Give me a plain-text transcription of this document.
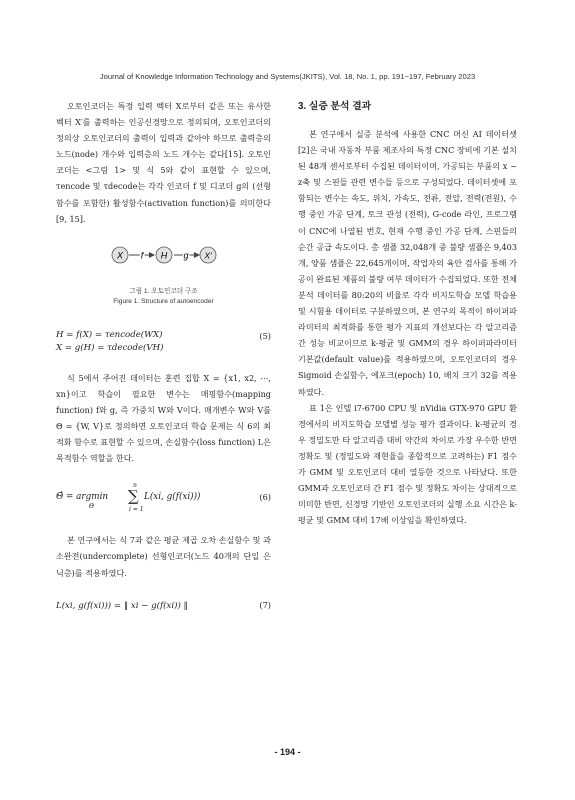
Journal of Knowledge Information Technology and Systems(JKITS), Vol. 18, No. 1, pp. 191~197, February 2023

오토인코더는 특정 입력 벡터 X로부터 같은 또는 유사한 벡터 X′를 출력하는 인공신경망으로 정의되며, 오토인코더의 정의상 오토인코더의 출력이 입력과 같아야 하므로 출력층의 노드(node) 개수와 입력층의 노드 개수는 같다[15]. 오토인코더는 <그림 1> 및 식 5와 같이 표현할 수 있으며, τencode 및 τdecode는 각각 인코더 f 및 디코더 g의 (선형 함수를 포함한) 활성함수(activation function)를 의미한다[9, 15].

X f H g X'
그림 1. 오토인코더 구조
Figure 1. Structure of autoencoder
H = f(X) = τencode(WX)
X = g(H) = τdecode(VH)
(5)

식 5에서 주어진 데이터는 훈련 집합 X = {x1, x2, ⋯, xn}이고 학습이 필요한 변수는 매핑함수(mapping function) f와 g, 즉 가중치 W와 V이다. 매개변수 W와 V를 Θ = {W, V}로 정의하면 오토인코더 학습 문제는 식 6의 최적화 함수로 표현할 수 있으며, 손실함수(loss function) L은 목적함수 역할을 한다.

Θ̂ = argmin
Θ
n
∑
i = 1
L(xi, g(f(xi)))	(6)

본 연구에서는 식 7과 같은 평균 제곱 오차 손실함수 및 과소완전(undercomplete) 선형인코더(노드 40개의 단일 은닉층)를 적용하였다.

L(xi, g(f(xi))) = ‖ xi − g(f(xi)) ‖	(7)
3. 실증 분석 결과

본 연구에서 실증 분석에 사용한 CNC 머신 AI 데이터셋[2]은 국내 자동차 부품 제조사의 특정 CNC 장비에 기본 설치된 48개 센서로부터 수집된 데이터이며, 가공되는 부품의 x ~ z축 및 스핀들 관련 변수들 등으로 구성되었다. 데이터셋에 포함되는 변수는 속도, 위치, 가속도, 전류, 전압, 전력(전원), 수행 중인 가공 단계, 토크 관성 (전력), G-code 라인, 프로그램이 CNC에 나열된 번호, 현재 수행 중인 가공 단계, 스핀들의 순간 공급 속도이다. 총 샘플 32,048개 중 불량 샘플은 9,403개, 양품 샘플은 22,645개이며, 작업자의 육안 검사를 통해 가공이 완료된 제품의 불량 여부 데이터가 수집되었다. 또한 전체 분석 데이터를 80:20의 비율로 각각 비지도학습 모델 학습용 및 시험용 데이터로 구분하였으며, 본 연구의 목적이 하이퍼파라미터의 최적화를 통한 평가 지표의 개선보다는 각 알고리즘 간 성능 비교이므로 k-평균 및 GMM의 경우 하이퍼파라미터 기본값(default value)를 적용하였으며, 오토인코더의 경우 Sigmoid 손실함수, 에포크(epoch) 10, 배치 크기 32를 적용하였다.

표 1은 인텔 i7-6700 CPU 및 nVidia GTX-970 GPU 환경에서의 비지도학습 모델별 성능 평가 결과이다. k-평균의 경우 정밀도만 타 알고리즘 대비 약간의 차이로 가장 우수한 반면 정확도 및 (정밀도와 재현율을 종합적으로 고려하는) F1 점수가 GMM 및 오토인코더 대비 열등한 것으로 나타났다. 또한 GMM과 오토인코더 간 F1 점수 및 정확도 차이는 상대적으로 미미한 반면, 신경망 기반인 오토인코더의 실행 소요 시간은 k-평균 및 GMM 대비 17배 이상임을 확인하였다.

- 194 -
